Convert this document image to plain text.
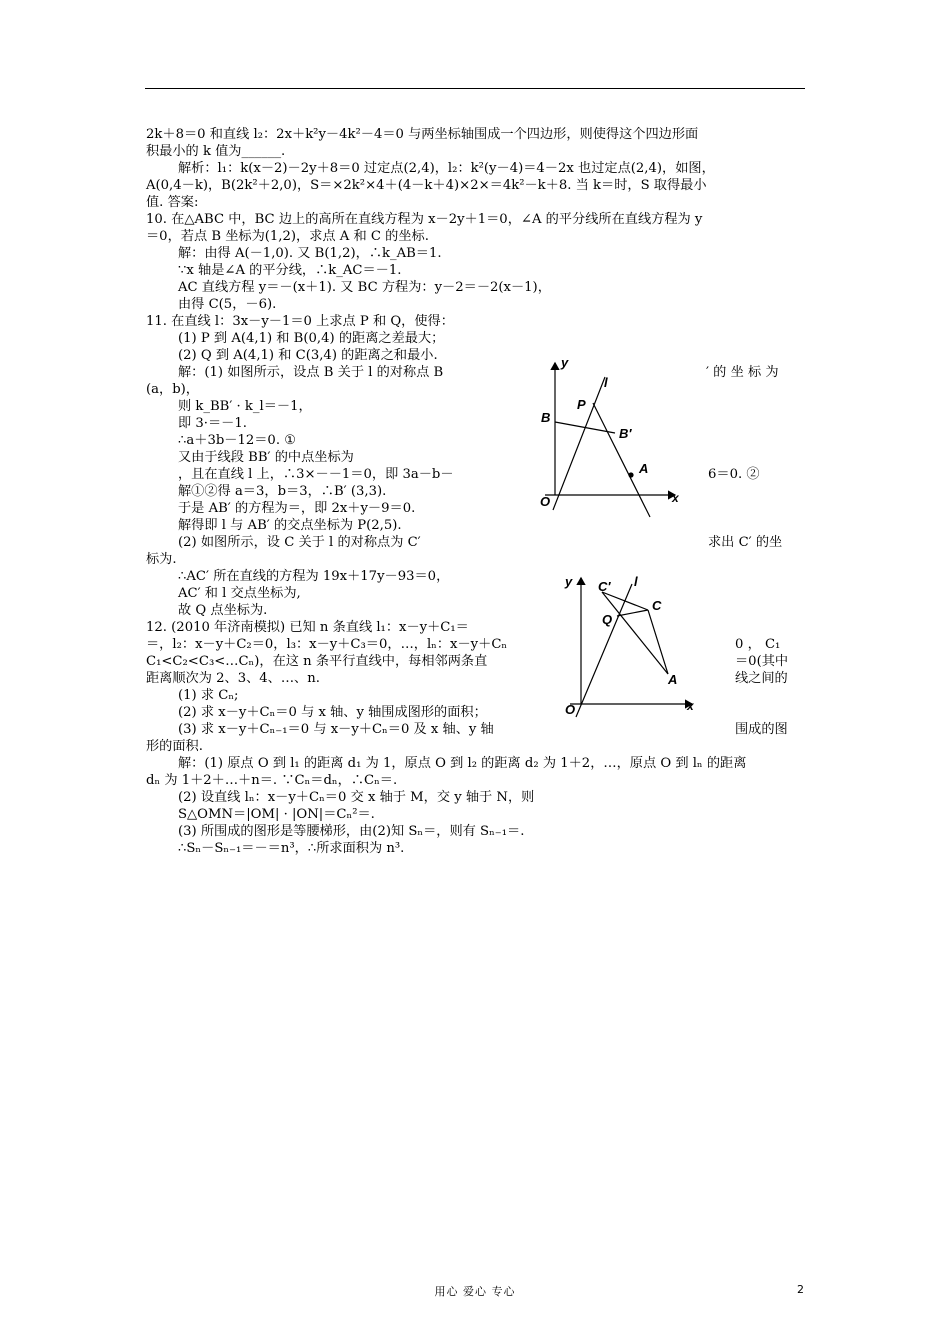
2k＋8＝0 和直线 l₂：2x＋k²y－4k²－4＝0 与两坐标轴围成一个四边形，则使得这个四边形面
积最小的 k 值为______.
解析：l₁：k(x－2)－2y＋8＝0 过定点(2,4)，l₂：k²(y－4)＝4－2x 也过定点(2,4)，如图，
A(0,4－k)，B(2k²＋2,0)，S＝×2k²×4＋(4－k＋4)×2×＝4k²－k＋8. 当 k＝时，S 取得最小
值. 答案:
10. 在△ABC 中，BC 边上的高所在直线方程为 x－2y＋1＝0，∠A 的平分线所在直线方程为 y
＝0，若点 B 坐标为(1,2)，求点 A 和 C 的坐标.
解：由得 A(－1,0). 又 B(1,2)，∴k_AB＝1.
∵x 轴是∠A 的平分线，∴k_AC＝－1.
AC 直线方程 y＝－(x＋1). 又 BC 方程为：y－2＝－2(x－1)，
由得 C(5，－6).
11. 在直线 l：3x－y－1＝0 上求点 P 和 Q，使得：
(1) P 到 A(4,1) 和 B(0,4) 的距离之差最大；
(2) Q 到 A(4,1) 和 C(3,4) 的距离之和最小.
解：(1) 如图所示，设点 B 关于 l 的对称点 B
(a，b)，
则 k_BB′ · k_l＝－1，
即 3·＝－1.
∴a＋3b－12＝0. ①
又由于线段 BB′ 的中点坐标为
，且在直线 l 上，∴3×－－1＝0，即 3a－b－
解①②得 a＝3，b＝3，∴B′ (3,3).
于是 AB′ 的方程为＝，即 2x＋y－9＝0.
解得即 l 与 AB′ 的交点坐标为 P(2,5).
(2) 如图所示，设 C 关于 l 的对称点为 C′
标为.
∴AC′ 所在直线的方程为 19x＋17y－93＝0，
AC′ 和 l 交点坐标为,
故 Q 点坐标为.
12. (2010 年济南模拟) 已知 n 条直线 l₁：x－y＋C₁＝
＝，l₂：x－y＋C₂＝0，l₃：x－y＋C₃＝0，…，lₙ：x－y＋Cₙ
C₁<C₂<C₃<…Cₙ)，在这 n 条平行直线中，每相邻两条直
距离顺次为 2、3、4、…、n.
(1) 求 Cₙ;
(2) 求 x－y＋Cₙ＝0 与 x 轴、y 轴围成图形的面积；
(3) 求 x－y＋Cₙ₋₁＝0 与 x－y＋Cₙ＝0 及 x 轴、y 轴
形的面积.
解：(1) 原点 O 到 l₁ 的距离 d₁ 为 1，原点 O 到 l₂ 的距离 d₂ 为 1＋2，…，原点 O 到 lₙ 的距离
dₙ 为 1＋2＋…＋n＝. ∵Cₙ＝dₙ，∴Cₙ＝.
(2) 设直线 lₙ：x－y＋Cₙ＝0 交 x 轴于 M，交 y 轴于 N，则
S△OMN＝|OM| · |ON|＝Cₙ²＝.
(3) 所围成的图形是等腰梯形，由(2)知 Sₙ＝，则有 Sₙ₋₁＝.
∴Sₙ－Sₙ₋₁＝－＝n³，∴所求面积为 n³.
′ 的 坐 标 为
6＝0. ②
求出 C′ 的坐
0 ， C₁
＝0(其中
线之间的
围成的图
y
l
P
B
B′
A
O	x
y C′ l
Q
C
A
O	x
用心 爱心 专心	2
